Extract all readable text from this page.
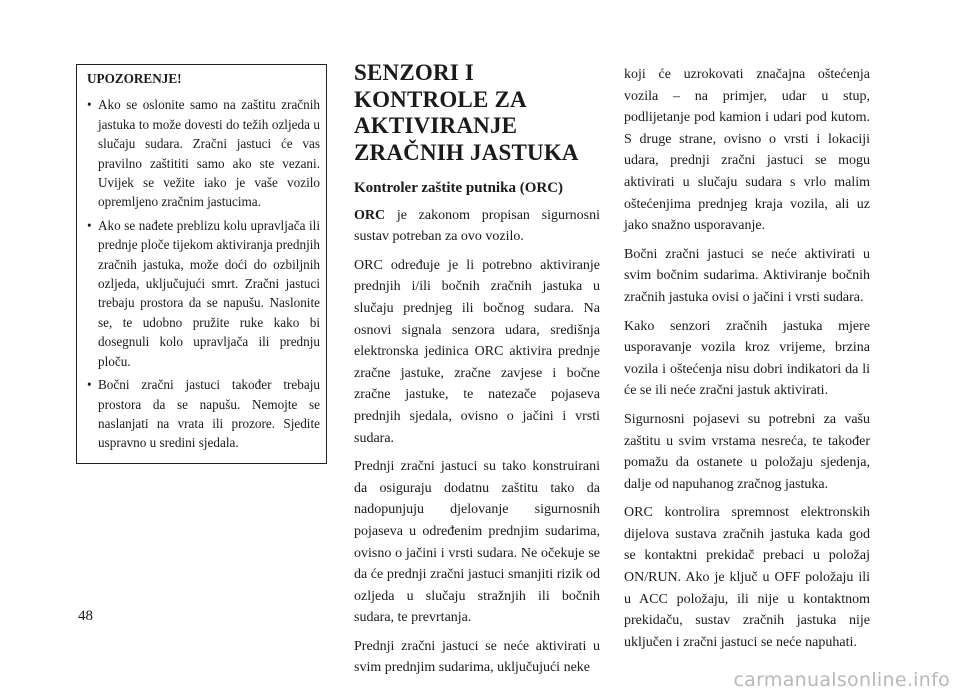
UPOZORENJE!

• Ako se oslonite samo na zaštitu zračnih jastuka to može dovesti do težih ozljeda u slučaju sudara. Zračni jastuci će vas pravilno zaštititi samo ako ste vezani. Uvijek se vežite iako je vaše vozilo opremljeno zračnim jastucima.
• Ako se nađete preblizu kolu upravljača ili prednje ploče tijekom aktiviranja prednjih zračnih jastuka, može doći do ozbiljnih ozljeda, uključujući smrt. Zračni jastuci trebaju prostora da se napušu. Naslonite se, te udobno pružite ruke kako bi dosegnuli kolo upravljača ili prednju ploču.
• Bočni zračni jastuci također trebaju prostora da se napušu. Nemojte se naslanjati na vrata ili prozore. Sjedite uspravno u sredini sjedala.
SENZORI I KONTROLE ZA AKTIVIRANJE ZRAČNIH JASTUKA

Kontroler zaštite putnika (ORC)

ORC je zakonom propisan sigurnosni sustav potreban za ovo vozilo.

ORC određuje je li potrebno aktiviranje prednjih i/ili bočnih zračnih jastuka u slučaju prednjeg ili bočnog sudara. Na osnovi signala senzora udara, središnja elektronska jedinica ORC aktivira prednje zračne jastuke, zračne zavjese i bočne zračne jastuke, te natezače pojaseva prednjih sjedala, ovisno o jačini i vrsti sudara.

Prednji zračni jastuci su tako konstruirani da osiguraju dodatnu zaštitu tako da nadopunjuju djelovanje sigurnosnih pojaseva u određenim prednjim sudarima, ovisno o jačini i vrsti sudara. Ne očekuje se da će prednji zračni jastuci smanjiti rizik od ozljeda u slučaju stražnjih ili bočnih sudara, te prevrtanja.

Prednji zračni jastuci se neće aktivirati u svim prednjim sudarima, uključujući neke

koji će uzrokovati značajna oštećenja vozila – na primjer, udar u stup, podlijetanje pod kamion i udari pod kutom. S druge strane, ovisno o vrsti i lokaciji udara, prednji zračni jastuci se mogu aktivirati u slučaju sudara s vrlo malim oštećenjima prednjeg kraja vozila, ali uz jako snažno usporavanje.

Bočni zračni jastuci se neće aktivirati u svim bočnim sudarima. Aktiviranje bočnih zračnih jastuka ovisi o jačini i vrsti sudara.

Kako senzori zračnih jastuka mjere usporavanje vozila kroz vrijeme, brzina vozila i oštećenja nisu dobri indikatori da li će se ili neće zračni jastuk aktivirati.

Sigurnosni pojasevi su potrebni za vašu zaštitu u svim vrstama nesreća, te također pomažu da ostanete u položaju sjedenja, dalje od napuhanog zračnog jastuka.

ORC kontrolira spremnost elektronskih dijelova sustava zračnih jastuka kada god se kontaktni prekidač prebaci u položaj ON/RUN. Ako je ključ u OFF položaju ili u ACC položaju, ili nije u kontaktnom prekidaču, sustav zračnih jastuka nije uključen i zračni jastuci se neće napuhati.

48
carmanualsonline.info
